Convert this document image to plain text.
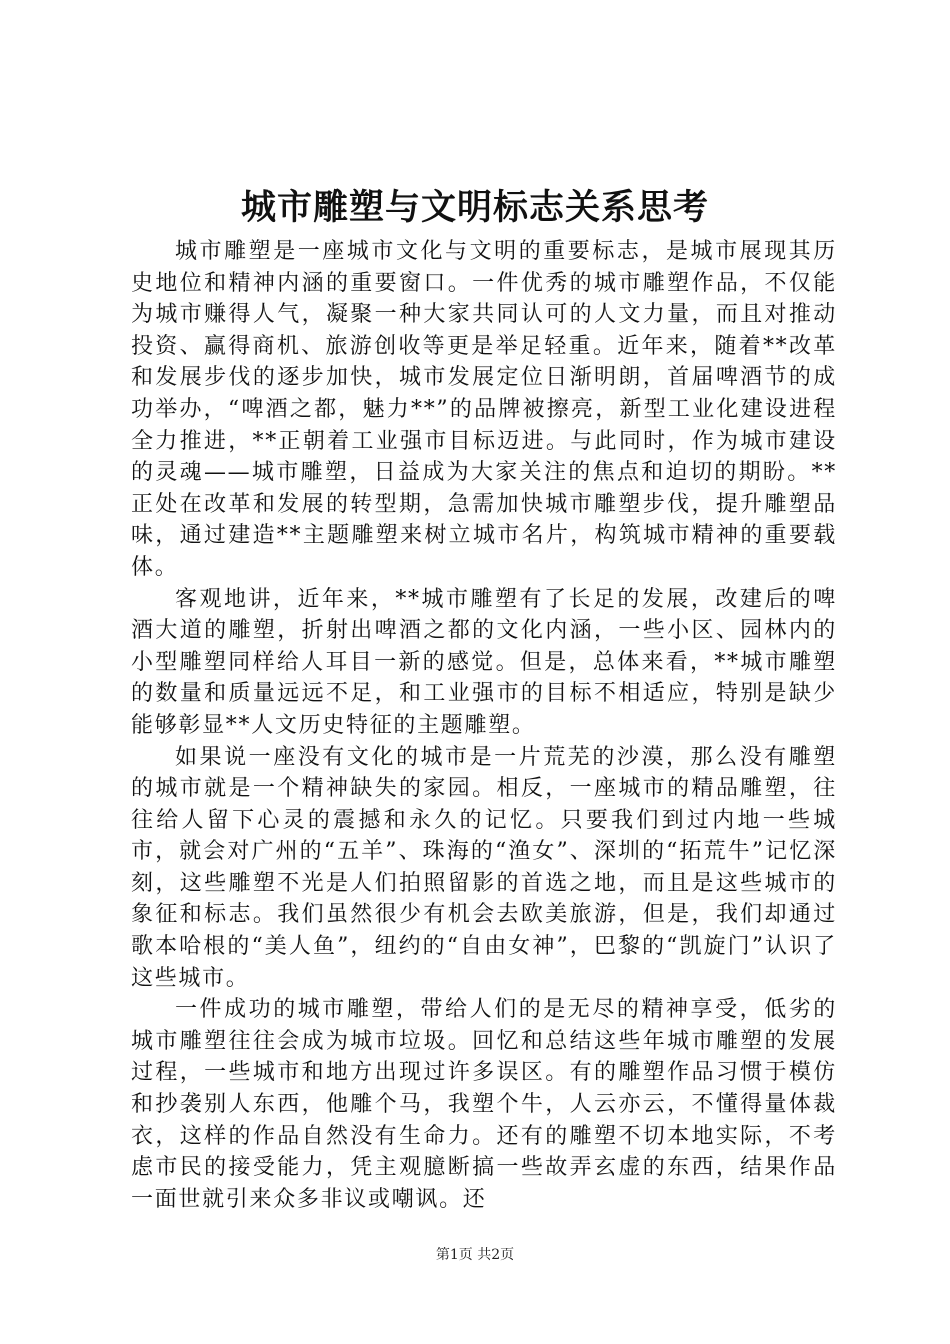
城市雕塑与文明标志关系思考

城市雕塑是一座城市文化与文明的重要标志，是城市展现其历史地位和精神内涵的重要窗口。一件优秀的城市雕塑作品，不仅能为城市赚得人气，凝聚一种大家共同认可的人文力量，而且对推动投资、赢得商机、旅游创收等更是举足轻重。近年来，随着**改革和发展步伐的逐步加快，城市发展定位日渐明朗，首届啤酒节的成功举办，“啤酒之都，魅力**”的品牌被擦亮，新型工业化建设进程全力推进，**正朝着工业强市目标迈进。与此同时，作为城市建设的灵魂——城市雕塑，日益成为大家关注的焦点和迫切的期盼。**正处在改革和发展的转型期，急需加快城市雕塑步伐，提升雕塑品味，通过建造**主题雕塑来树立城市名片，构筑城市精神的重要载体。

客观地讲，近年来，**城市雕塑有了长足的发展，改建后的啤酒大道的雕塑，折射出啤酒之都的文化内涵，一些小区、园林内的小型雕塑同样给人耳目一新的感觉。但是，总体来看，**城市雕塑的数量和质量远远不足，和工业强市的目标不相适应，特别是缺少能够彰显**人文历史特征的主题雕塑。

如果说一座没有文化的城市是一片荒芜的沙漠，那么没有雕塑的城市就是一个精神缺失的家园。相反，一座城市的精品雕塑，往往给人留下心灵的震撼和永久的记忆。只要我们到过内地一些城市，就会对广州的“五羊”、珠海的“渔女”、深圳的“拓荒牛”记忆深刻，这些雕塑不光是人们拍照留影的首选之地，而且是这些城市的象征和标志。我们虽然很少有机会去欧美旅游，但是，我们却通过歌本哈根的“美人鱼”，纽约的“自由女神”，巴黎的“凯旋门”认识了这些城市。

一件成功的城市雕塑，带给人们的是无尽的精神享受，低劣的城市雕塑往往会成为城市垃圾。回忆和总结这些年城市雕塑的发展过程，一些城市和地方出现过许多误区。有的雕塑作品习惯于模仿和抄袭别人东西，他雕个马，我塑个牛，人云亦云，不懂得量体裁衣，这样的作品自然没有生命力。还有的雕塑不切本地实际，不考虑市民的接受能力，凭主观臆断搞一些故弄玄虚的东西，结果作品一面世就引来众多非议或嘲讽。还

第1页 共2页
